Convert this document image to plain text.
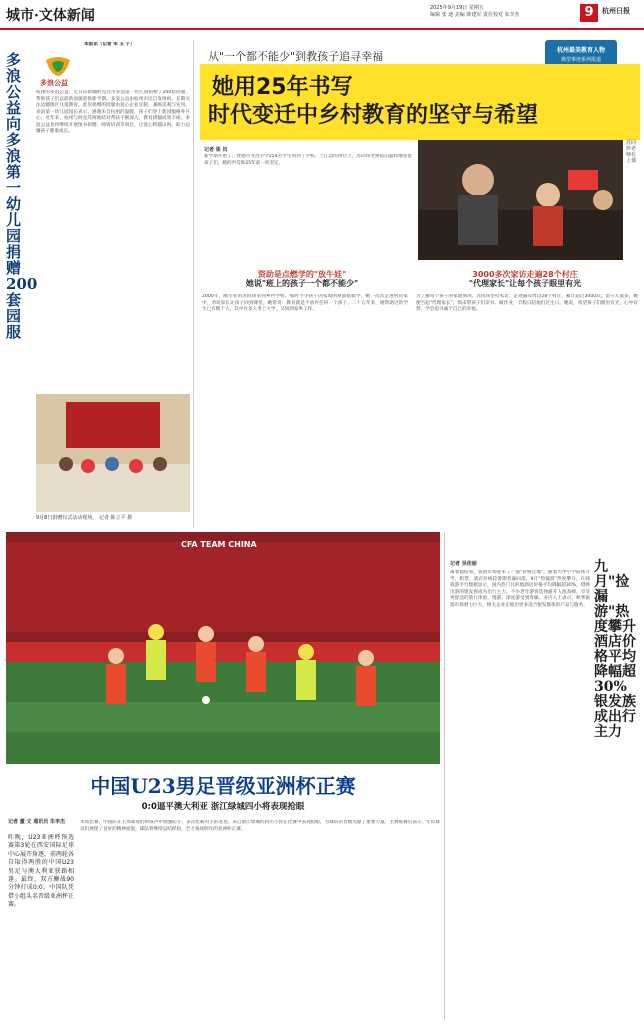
城市·文体新闻	2025年9月19日 星期五
编辑 张 迪 美编 韩建军 责任校对 朱李杰	9	杭州日报
多浪公益向多浪第一幼儿园捐赠200套园服
多浪公益
本报讯（记者 朱 玉 子）
杭州的多浪公益，近日向新疆阿克苏市多浪第一幼儿园捐赠了200套园服，帮助孩子们以崭新面貌迎接新学期。多浪公益由杭州市民自发组织，长期关注边疆地区儿童教育。此次捐赠的园服由爱心企业定制，兼顾美观与实用。多浪第一幼儿园园长表示，感谢来自杭州的温暖，孩子们穿上新园服格外开心。近年来，杭州与阿克苏两地结对帮扶不断深入，教育援疆成果丰硕，多浪公益也将继续开展图书捐赠、师资培训等项目，让爱心跨越山海，助力边疆孩子健康成长。
9月8日捐赠仪式活动现场。 记者 陈立平 摄
从"一个都不能少"到教孩子追寻幸福	杭州最美教育人物
典型事迹系列报道
她用25年书写
时代变迁中乡村教育的坚守与希望
记者 崔 田
新学期开始了，建德市寿昌小学254名学生回到了学校。兰江边的讲台上，苏同珍老师依旧温和地望着孩子们，她的声音和25年前一样坚定。
苏同珍老师在上课
资助是点燃学的"放牛娃"
她说"班上的孩子一个都不能少"
3000多次家访走遍28个村庄
"代理家长"让每个孩子眼里有光
2000年，刚毕业的苏同珍来到乡村学校。那时不少孩子因家境困难面临辍学，她一次次走进村民家中，劝说家长让孩子回到课堂。她常说：教育就是不放弃任何一个孩子。二十五年来，她资助过的学生已有数十人，其中许多人考上大学，又回到家乡工作。
为了解每个孩子的家庭情况，苏同珍坚持家访，足迹遍及周边28个村庄，累计超过3000次。留守儿童多，她便当起"代理家长"，周末带孩子们读书、做作业，节假日陪他们过生日。她说，希望孩子们眼里有光，心中有梦，学会追寻属于自己的幸福。
CFA TEAM CHINA
中国U23男足晋级亚洲杯正赛
0:0逼平澳大利亚 浙江绿城四小将表现抢眼
记者 董 文 通讯员 朱李杰
昨晚，U23亚洲杯预选赛第3轮在西安国际足球中心展开角逐，前两轮各自取得两胜的中国U23男足与澳大利亚狭路相逢。最终，双方鏖战90分钟打成0:0，中国队凭借小组头名晋级亚洲杯正赛。
本场比赛，中国队在主场球迷的助威声中顽强防守，多次化解对手的进攻。来自浙江绿城的四名小将在比赛中表现抢眼，为球队的晋级贡献了重要力量。主教练赛后表示，年轻球员们展现了良好的精神面貌，球队将继续总结经验，全力备战明年的亚洲杯正赛。
九月"捡漏游"热度攀升 酒店价格平均降幅超30% 银发族成出行主力
记者 吴佳丽
离暑假结束，旅游市场迎来了一波"价格洼地"。随着大中小学陆续开学，机票、酒店价格较暑期普遍回落，9月"捡漏游"热度攀升。在线旅游平台数据显示，国内热门目的地酒店价格平均降幅超30%，错峰出游的银发族成为出行主力。不少老年游客选择避开人流高峰，享受更舒适的旅行体验，慢游、深度游受到青睐。业内人士表示，秋季旅游市场潜力巨大，相关企业正推出更多适合银发群体的产品与服务。
